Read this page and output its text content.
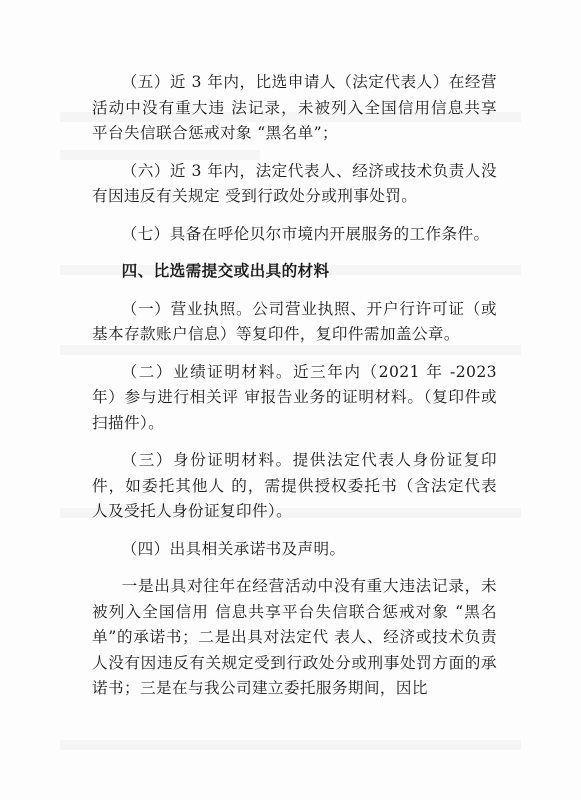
（五）近 3 年内，比选申请人（法定代表人）在经营活动中没有重大违 法记录，未被列入全国信用信息共享平台失信联合惩戒对象 “黑名单”；

（六）近 3 年内，法定代表人、经济或技术负责人没有因违反有关规定 受到行政处分或刑事处罚。

（七）具备在呼伦贝尔市境内开展服务的工作条件。

四、比选需提交或出具的材料

（一）营业执照。公司营业执照、开户行许可证（或基本存款账户信息）等复印件，复印件需加盖公章。

（二）业绩证明材料。近三年内（2021 年 -2023 年）参与进行相关评 审报告业务的证明材料。（复印件或扫描件）。

（三）身份证明材料。提供法定代表人身份证复印件，如委托其他人 的，需提供授权委托书（含法定代表人及受托人身份证复印件）。

（四）出具相关承诺书及声明。

一是出具对往年在经营活动中没有重大违法记录，未被列入全国信用 信息共享平台失信联合惩戒对象 “黑名单”的承诺书；二是出具对法定代 表人、经济或技术负责人没有因违反有关规定受到行政处分或刑事处罚方面的承诺书；三是在与我公司建立委托服务期间，因比
